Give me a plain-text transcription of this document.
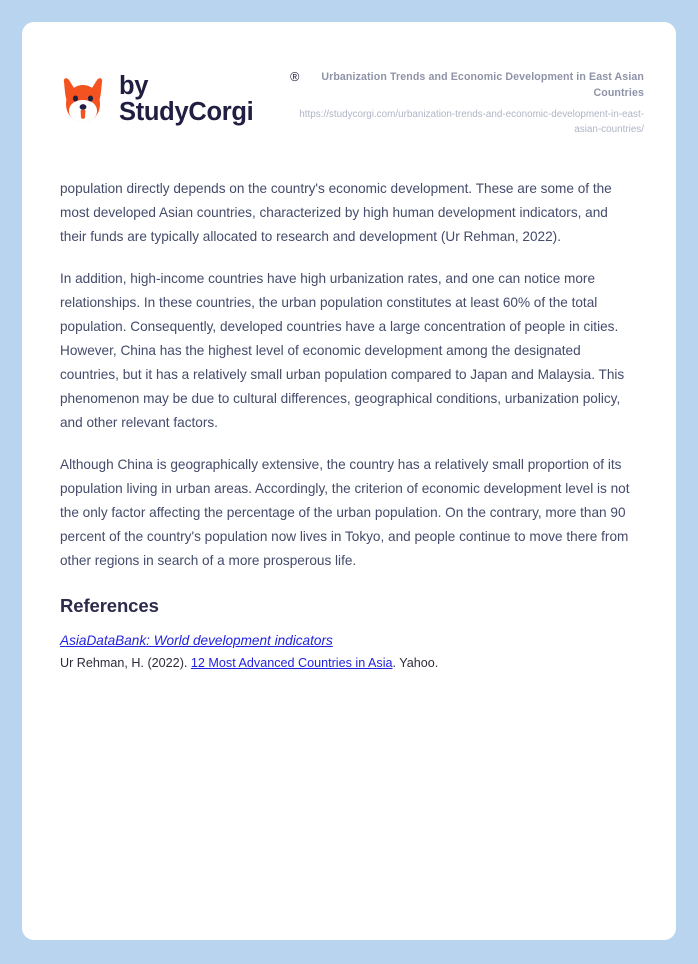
by StudyCorgi
®	Urbanization Trends and Economic Development in East Asian Countries
https://studycorgi.com/urbanization-trends-and-economic-development-in-east-asian-countries/

population directly depends on the country's economic development. These are some of the most developed Asian countries, characterized by high human development indicators, and their funds are typically allocated to research and development (Ur Rehman, 2022).

In addition, high-income countries have high urbanization rates, and one can notice more relationships. In these countries, the urban population constitutes at least 60% of the total population. Consequently, developed countries have a large concentration of people in cities. However, China has the highest level of economic development among the designated countries, but it has a relatively small urban population compared to Japan and Malaysia. This phenomenon may be due to cultural differences, geographical conditions, urbanization policy, and other relevant factors.

Although China is geographically extensive, the country has a relatively small proportion of its population living in urban areas. Accordingly, the criterion of economic development level is not the only factor affecting the percentage of the urban population. On the contrary, more than 90 percent of the country's population now lives in Tokyo, and people continue to move there from other regions in search of a more prosperous life.

References
AsiaDataBank: World development indicators
Ur Rehman, H. (2022). 12 Most Advanced Countries in Asia. Yahoo.
